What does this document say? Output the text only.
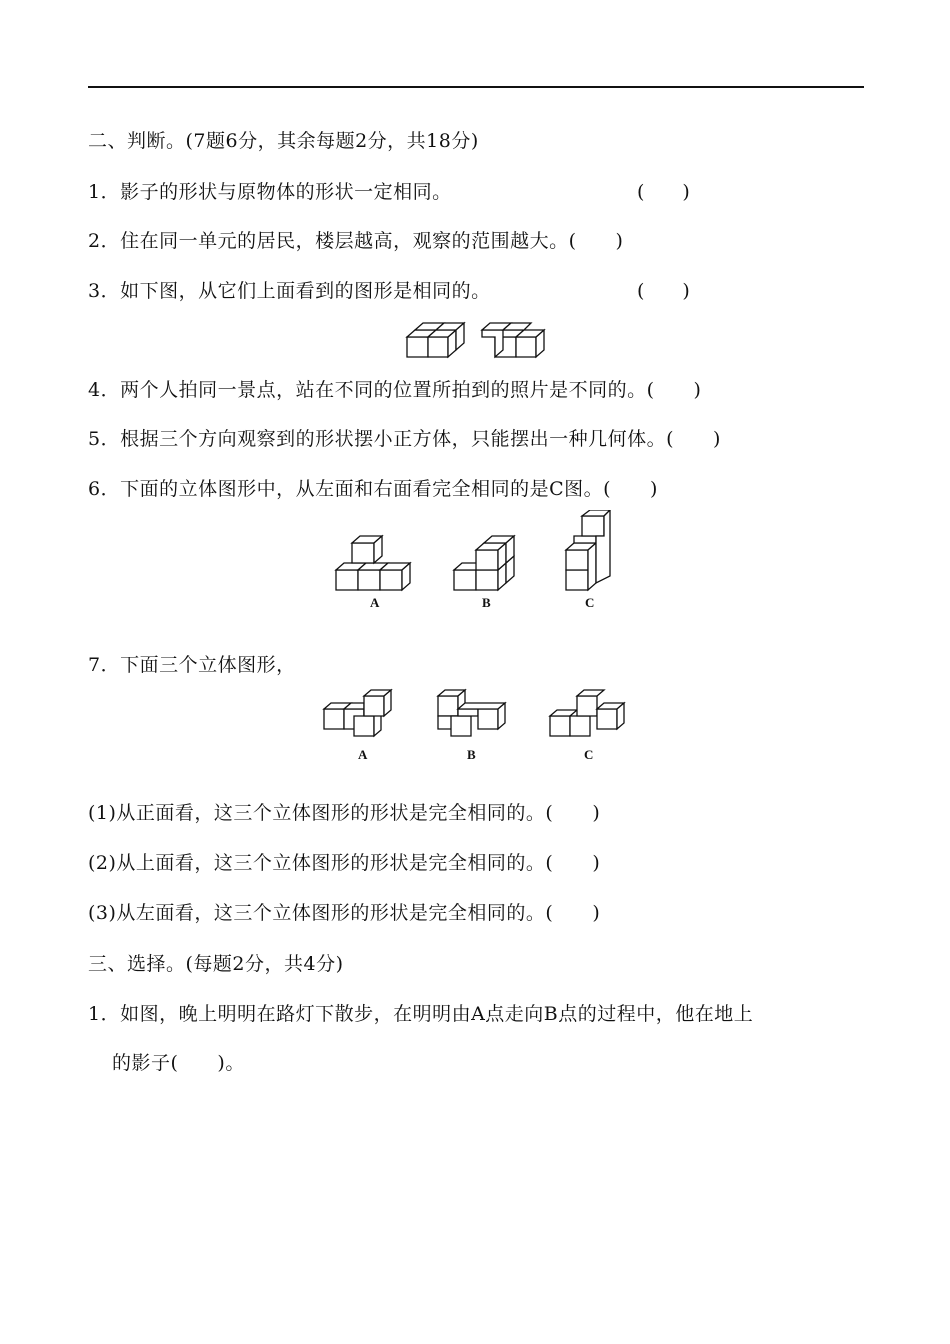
二、判断。(7题6分，其余每题2分，共18分)
1．影子的形状与原物体的形状一定相同。	(　　)
2．住在同一单元的居民，楼层越高，观察的范围越大。(　　)
3．如下图，从它们上面看到的图形是相同的。	(　　)
4．两个人拍同一景点，站在不同的位置所拍到的照片是不同的。(　　)
5．根据三个方向观察到的形状摆小正方体，只能摆出一种几何体。(　　)
6．下面的立体图形中，从左面和右面看完全相同的是C图。(　　)
A	B	C
7．下面三个立体图形，
A	B	C
(1)从正面看，这三个立体图形的形状是完全相同的。(　　)
(2)从上面看，这三个立体图形的形状是完全相同的。(　　)
(3)从左面看，这三个立体图形的形状是完全相同的。(　　)
三、选择。(每题2分，共4分)
1．如图，晚上明明在路灯下散步，在明明由A点走向B点的过程中，他在地上
的影子(　　)。
